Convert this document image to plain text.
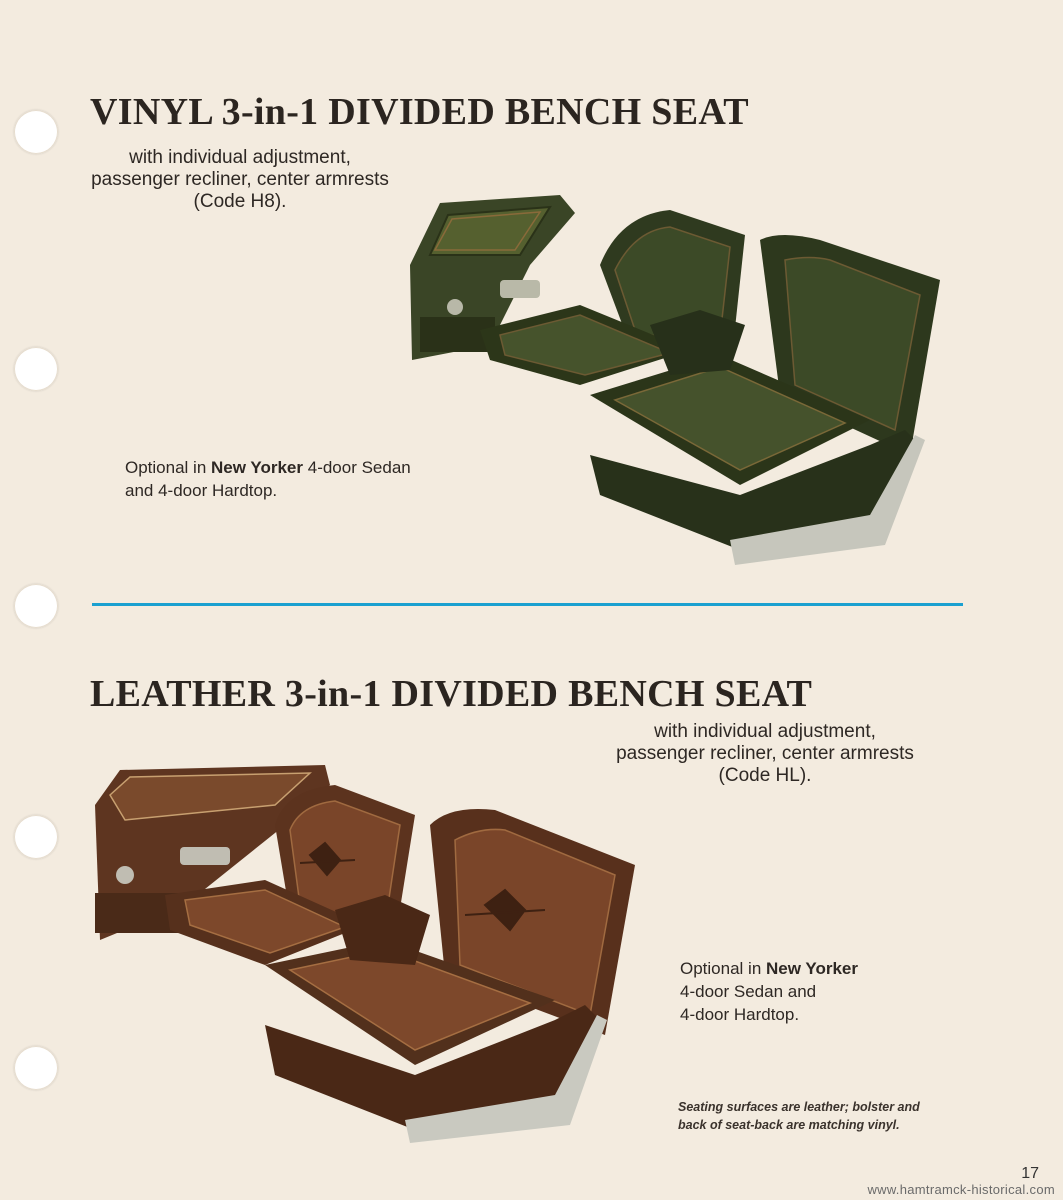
VINYL 3-in-1 DIVIDED BENCH SEAT

with individual adjustment,
passenger recliner, center armrests
(Code H8).

Optional in New Yorker 4-door Sedan
and 4-door Hardtop.

LEATHER 3-in-1 DIVIDED BENCH SEAT

with individual adjustment,
passenger recliner, center armrests
(Code HL).

Optional in New Yorker
4-door Sedan and
4-door Hardtop.

Seating surfaces are leather; bolster and
back of seat-back are matching vinyl.

17
www.hamtramck-historical.com
